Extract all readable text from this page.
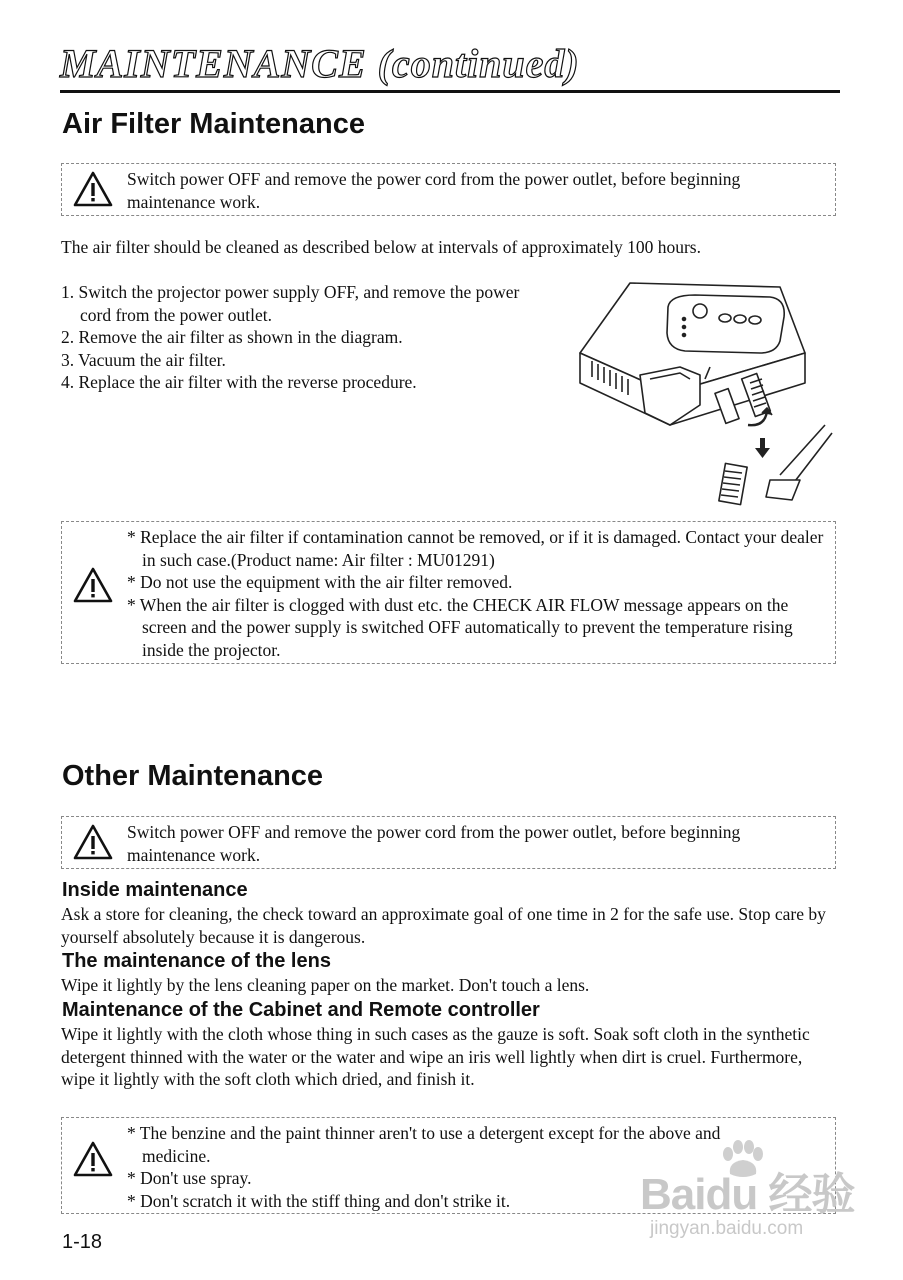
MAINTENANCE (continued)
Air Filter Maintenance
Switch power OFF and remove the power cord from the power outlet, before beginning maintenance work.
The air filter should be cleaned as described below at intervals of approximately 100 hours.
1. Switch the projector power supply OFF, and remove the power cord from the power outlet.
2. Remove the air filter as shown in the diagram.
3. Vacuum the air filter.
4. Replace the air filter with the reverse procedure.
* Replace the air filter if contamination cannot be removed, or if it is damaged. Contact your dealer in such case.(Product name: Air filter : MU01291)
* Do not use the equipment with the air filter removed.
* When the air filter is clogged with dust etc. the CHECK AIR FLOW message appears on the screen and the power supply is switched OFF automatically to prevent the temperature rising inside the projector.
Other Maintenance
Switch power OFF and remove the power cord from the power outlet, before beginning maintenance work.
Inside maintenance
Ask a store for cleaning, the check toward an approximate goal of one time in 2 for the safe use. Stop care by yourself absolutely because it is dangerous.
The maintenance of the lens
Wipe it lightly by the lens cleaning paper on the market. Don't touch a lens.
Maintenance of the Cabinet and Remote controller
Wipe it lightly with the cloth whose thing in such cases as the gauze is soft. Soak soft cloth in the synthetic detergent thinned with the water or the water and wipe an iris well lightly when dirt is cruel. Furthermore, wipe it lightly with the soft cloth which dried, and finish it.
* The benzine and the paint thinner aren't to use a detergent except for the above and medicine.
* Don't use spray.
* Don't scratch it with the stiff thing and don't strike it.
1-18
Baidu 经验
jingyan.baidu.com
